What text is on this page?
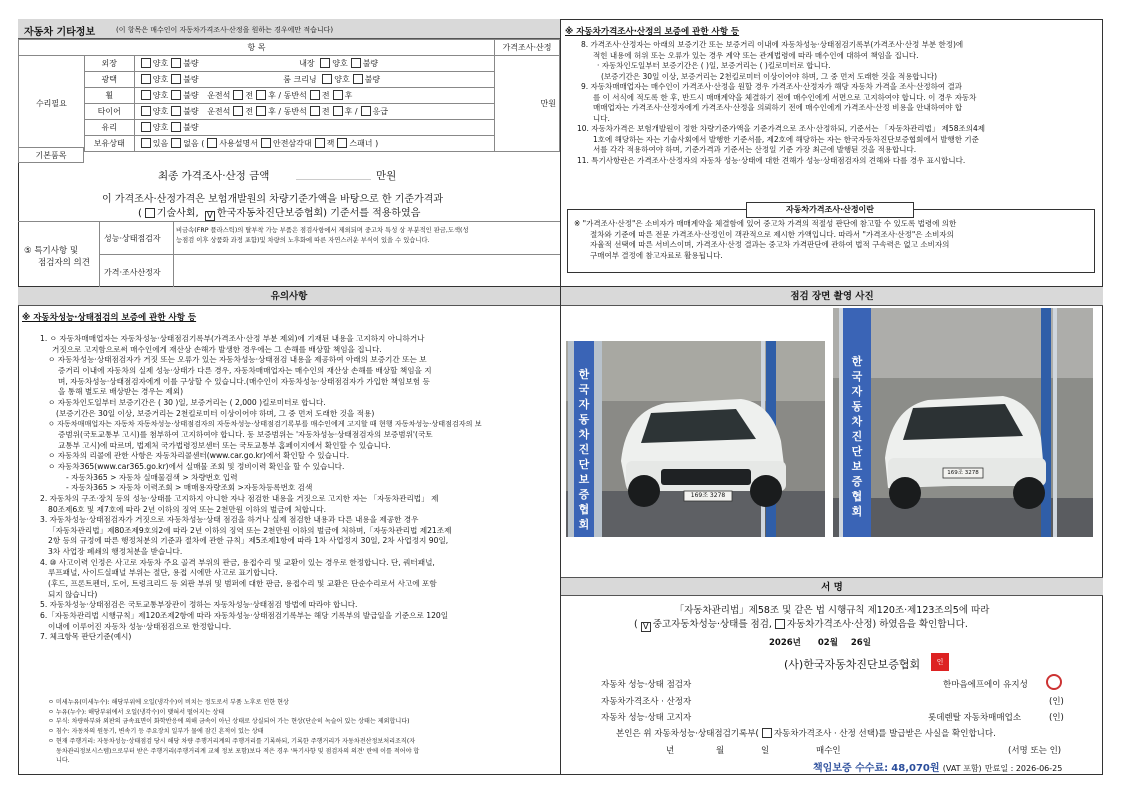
자동차 기타정보	(이 항목은 매수인이 자동차가격조사·산정을 원하는 경우에만 적습니다)
항 목			가격조사·산정
수리필요	외장	양호 불량 내장 양호 불량	만원
	광택	양호 불량 룸 크리닝 양호 불량	
	휠	양호 불량 운전석 전 후 / 동반석 전 후	
	타이어	양호 불량 운전석 전 후 / 동반석 전 후 / 응급	
	유리	양호 불량	
	보유상태	있음 없음 ( 사용설명서 안전삼각대 잭 스패너 )	
기본품목
최종 가격조사·산정 금액	만원
이 가격조사·산정가격은 보험개발원의 차량기준가액을 바탕으로 한 기준가격과
( 기술사회, V 한국자동차진단보증협회) 기준서를 적용하였음
⑤ 특기사항 및
점검자의 의견
성능·상태점검자
비금속(FRP 플라스틱)의 탈부착 가능 부품은 점검사항에서 제외되며 중고차 특성 상 부분적인 판금,도색(성
능점검 이후 상품화 과정 포함)및 차량의 노후화에 따른 자연스러운 부식이 있을 수 있습니다.
가격·조사산정자
※ 자동차가격조사·산정의 보증에 관한 사항 등
8. 가격조사·산정자는 아래의 보증기간 또는 보증거리 이내에 자동차성능·상태점검기록부(가격조사·산정 부분 한정)에
적힌 내용에 허위 또는 오류가 있는 경우 계약 또는 관계법령에 따라 매수인에 대하여 책임을 집니다.
· 자동차인도일부터 보증기간은 ( )일, 보증거리는 ( )킬로미터로 합니다.
(보증기간은 30일 이상, 보증거리는 2천킬로미터 이상이어야 하며, 그 중 먼저 도래한 것을 적용합니다)
9. 자동차매매업자는 매수인이 가격조사·산정을 원할 경우 가격조사·산정자가 해당 자동차 가격을 조사·산정하여 결과
를 이 서식에 적도록 한 후, 반드시 매매계약을 체결하기 전에 매수인에게 서면으로 고지하여야 합니다. 이 경우 자동차
매매업자는 가격조사·산정자에게 가격조사·산정을 의뢰하기 전에 매수인에게 가격조사·산정 비용을 안내하여야 합
니다.
10. 자동차가격은 보험개발원이 정한 차량기준가액을 기준가격으로 조사·산정하되, 기준서는 「자동차관리법」 제58조의4제
1호에 해당하는 자는 기술사회에서 발행한 기준서를, 제2호에 해당하는 자는 한국자동차진단보증협회에서 발행한 기준
서를 각각 적용하여야 하며, 기준가격과 기준서는 산정일 기준 가장 최근에 발행된 것을 적용합니다.
11. 특기사항란은 가격조사·산정자의 자동차 성능·상태에 대한 견해가 성능·상태점검자의 견해와 다를 경우 표시합니다.
※ "가격조사·산정"은 소비자가 매매계약을 체결함에 있어 중고차 가격의 적절성 판단에 참고할 수 있도록 법령에 의한
절차와 기준에 따른 전문 가격조사·산정인이 객관적으로 제시한 가액입니다. 따라서 "가격조사·산정"은 소비자의
자율적 선택에 따른 서비스이며, 가격조사·산정 결과는 중고차 가격판단에 관하여 법적 구속력은 없고 소비자의
구매여부 결정에 참고자료로 활용됩니다.
자동차가격조사·산정이란
유의사항
※ 자동차성능·상태점검의 보증에 관한 사항 등
1. ㅇ 자동차매매업자는 자동차성능·상태점검기록부(가격조사·산정 부분 제외)에 기재된 내용을 고지하지 아니하거나
거짓으로 고지함으로써 매수인에게 재산상 손해가 발생한 경우에는 그 손해를 배상할 책임을 집니다.
ㅇ 자동차성능·상태점검자가 거짓 또는 오류가 있는 자동차성능·상태점검 내용을 제공하여 아래의 보증기간 또는 보
증거리 이내에 자동차의 실제 성능·상태가 다른 경우, 자동차매매업자는 매수인의 재산상 손해를 배상할 책임을 지
며, 자동차성능·상태점검자에게 이를 구상할 수 있습니다.(매수인이 자동차성능·상태점검자가 가입한 책임보험 등
을 통해 별도로 배상받는 경우는 제외)
ㅇ 자동차인도일부터 보증기간은 ( 30 )일, 보증거리는 ( 2,000 )킬로미터로 합니다.
(보증기간은 30일 이상, 보증거리는 2천킬로미터 이상이어야 하며, 그 중 먼저 도래한 것을 적용)
ㅇ 자동차매매업자는 자동차 자동차성능·상태점검자의 자동차성능·상태점검기록부를 매수인에게 고지할 때 현행 자동차성능·상태점검자의 보
증범위(국토교통부 고시)를 첨부하여 고지하여야 합니다. 동 보증범위는 '자동차성능·상태점검자의 보증범위'(국토
교통부 고시)에 따르며, 법제처 국가법령정보센터 또는 국토교통부 홈페이지에서 확인할 수 있습니다.
ㅇ 자동차의 리콜에 관한 사항은 자동차리콜센터(www.car.go.kr)에서 확인할 수 있습니다.
ㅇ 자동차365(www.car365.go.kr)에서 실매물 조회 및 정비이력 확인을 할 수 있습니다.
- 자동차365 > 자동차 실매물검색 > 차량번호 입력
- 자동차365 > 자동차 이력조회 > 매매용자량조회 >자동차등록번호 검색
2. 자동차의 구조·장치 등의 성능·상태를 고지하지 아니한 자나 점검한 내용을 거짓으로 고지한 자는 「자동차관리법」 제
80조제6호 및 제7호에 따라 2년 이하의 징역 또는 2천만원 이하의 벌금에 처합니다.
3. 자동차성능·상태점검자가 거짓으로 자동차성능·상태 점검을 하거나 실제 점검한 내용과 다른 내용을 제공한 경우
「자동차관리법」제80조제9호의2에 따라 2년 이하의 징역 또는 2천만원 이하의 벌금에 처하며,「자동차관리법 제21조제
2항 등의 규정에 따른 행정처분의 기준과 절차에 관한 규칙」제5조제1항에 따라 1차 사업정지 30일, 2차 사업정지 90일,
3차 사업장 폐쇄의 행정처분을 받습니다.
4. ⑩ 사고이력 인정은 사고로 자동차 주요 골격 부위의 판금, 용접수리 및 교환이 있는 경우로 한정합니다. 단, 쿼터패널,
루프패널, 사이드실패널 부위는 절단, 용접 시에만 사고로 표기합니다.
(후드, 프론트펜더, 도어, 트렁크리드 등 외판 부위 및 범퍼에 대한 판금, 용접수리 및 교환은 단순수리로서 사고에 포함
되지 않습니다)
5. 자동차성능·상태점검은 국토교통부장관이 정하는 자동차성능·상태점검 방법에 따라야 합니다.
6.「자동차관리법 시행규칙」제120조제2항에 따라 자동차성능·상태점검기록부는 해당 기록부의 발급일을 기준으로 120일
이내에 이루어진 자동차 성능·상태점검으로 한정합니다.
7. 체크항목 판단기준(예시)
ㅇ 미세누유(미세누수): 해당부위에 오일(냉각수)이 비치는 정도로서 부품 노후로 인한 현상
ㅇ 누유(누수): 해당부위에서 오일(냉각수)이 맺혀서 떨어지는 상태
ㅇ 부식: 차량하부와 외판의 금속표면이 화학반응에 의해 금속이 아닌 상태로 상실되어 가는 현상(단순히 녹슬어 있는 상태는 제외합니다)
ㅇ 침수: 자동차의 원동기, 변속기 등 주요장치 일부가 물에 잠긴 흔적이 있는 상태
ㅇ 현재 주행거리: 자동차성능·상태점검 당시 해당 차량 주행거리계의 주행거리를 기록하되, 기록한 주행거리가 자동차전산정보처리조직(자
동차관리정보시스템)으로부터 받은 주행거리(주행거리계 교체 정보 포함)보다 적은 경우 '특기사항 및 점검자의 의견' 란에 이를 적어야 합
니다.
점검 장면 촬영 사진
한국자동차진단보증협회
169조 3278
한국자동차진단보증협회
169조 3278
서 명
「자동차관리법」제58조 및 같은 법 시행규칙 제120조·제123조의5에 따라
( V 중고자동차성능·상태를 점검, 자동차가격조사·산정) 하였음을 확인합니다.
2026년 02월 26일
(사)한국자동차진단보증협회	인
자동차 성능·상태 점검자	한마음에프에이 유지성
자동차가격조사 · 산정자	(인)
자동차 성능·상태 고지자	롯데렌탈 자동차매매업소	(인)
본인은 위 자동차성능·상태점검기록부( 자동차가격조사 · 산정 선택)를 발급받은 사실을 확인합니다.
년	월	일	매수인	(서명 또는 인)
책임보증 수수료: 48,070원 (VAT 포함) 만료일 : 2026-06-25
